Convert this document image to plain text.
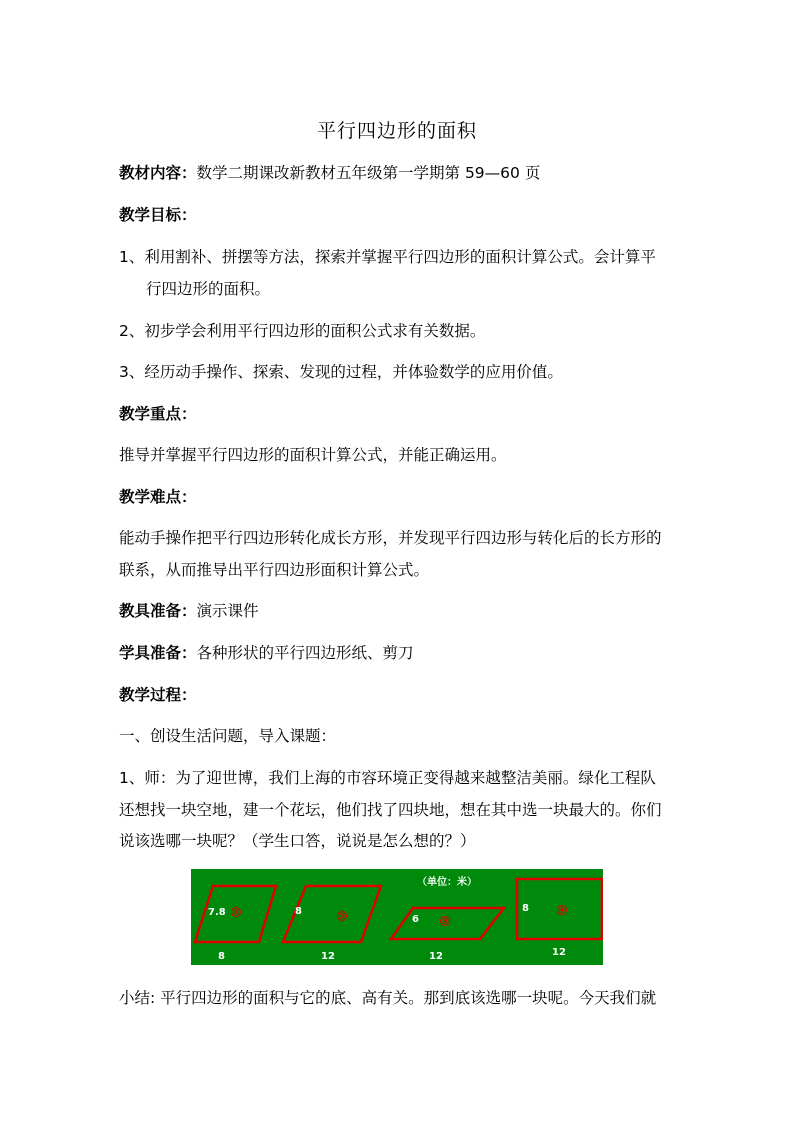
平行四边形的面积
教材内容：数学二期课改新教材五年级第一学期第 59—60 页
教学目标：
1、利用割补、拼摆等方法，探索并掌握平行四边形的面积计算公式。会计算平
行四边形的面积。
2、初步学会利用平行四边形的面积公式求有关数据。
3、经历动手操作、探索、发现的过程，并体验数学的应用价值。
教学重点：
推导并掌握平行四边形的面积计算公式，并能正确运用。
教学难点：
能动手操作把平行四边形转化成长方形，并发现平行四边形与转化后的长方形的
联系，从而推导出平行四边形面积计算公式。
教具准备：演示课件
学具准备：各种形状的平行四边形纸、剪刀
教学过程：
一、创设生活问题，导入课题：
1、师：为了迎世博，我们上海的市容环境正变得越来越整洁美丽。绿化工程队
还想找一块空地，建一个花坛，他们找了四块地，想在其中选一块最大的。你们
说该选哪一块呢？（学生口答，说说是怎么想的？）
（单位：米）
7.8 ①
8
8	②
12
6 ③
12
8	④
12
小结: 平行四边形的面积与它的底、高有关。那到底该选哪一块呢。今天我们就
